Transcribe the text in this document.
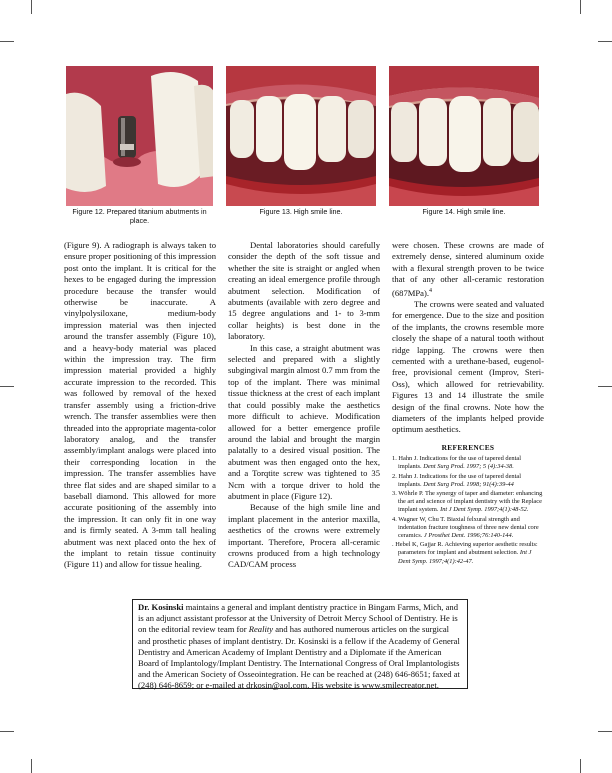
Figure 12. Prepared titanium abutments in place.
Figure 13. High smile line.	Figure 14. High smile line.

(Figure 9). A radiograph is always taken to ensure proper positioning of this impression post onto the implant. It is critical for the hexes to be engaged during the impression procedure because the transfer would otherwise be inaccurate. A vinylpolysiloxane, medium-body impression material was then injected around the transfer assembly (Figure 10), and a heavy-body material was placed within the impression tray. The firm impression material provided a highly accurate impression to the recorded. This was followed by removal of the hexed transfer assembly using a friction-drive wrench. The transfer assemblies were then threaded into the appropriate magenta-color laboratory analog, and the transfer assembly/implant analogs were placed into their corresponding location in the impression. The transfer assemblies have three flat sides and are shaped similar to a baseball diamond. This allowed for more accurate positioning of the assembly into the impression. It can only fit in one way and is firmly seated. A 3-mm tall healing abutment was next placed onto the hex of the implant to retain tissue continuity (Figure 11) and allow for tissue healing.

Dental laboratories should carefully consider the depth of the soft tissue and whether the site is straight or angled when creating an ideal emergence profile through abutment selection. Modification of abutments (available with zero degree and 15 degree angulations and 1- to 3-mm collar heights) is best done in the laboratory.

In this case, a straight abutment was selected and prepared with a slightly subgingival margin almost 0.7 mm from the top of the implant. There was minimal tissue thickness at the crest of each implant that could possibly make the aesthetics more difficult to achieve. Modification allowed for a better emergence profile around the labial and brought the margin palatally to a desired visual position. The abutment was then engaged onto the hex, and a Torqtite screw was tightened to 35 Ncm with a torque driver to hold the abutment in place (Figure 12).

Because of the high smile line and implant placement in the anterior maxilla, aesthetics of the crowns were extremely important. Therefore, Procera all-ceramic crowns produced from a high technology CAD/CAM process

were chosen. These crowns are made of extremely dense, sintered aluminum oxide with a flexural strength proven to be twice that of any other all-ceramic restoration (687MPa).$^4$

The crowns were seated and valuated for emergence. Due to the size and position of the implants, the crowns resemble more closely the shape of a natural tooth without ridge lapping. The crowns were then cemented with a urethane-based, eugenol-free, provisional cement (Improv, Steri-Oss), which allowed for retrievability. Figures 13 and 14 illustrate the smile design of the final crowns. Note how the diameters of the implants helped provide optimum aesthetics.

REFERENCES
1. Hahn J. Indications for the use of tapered dental implants. Dent Surg Prod. 1997; 5 (4):34-38.
2. Hahn J. Indications for the use of tapered dental implants. Dent Surg Prod. 1998; 91(4):39-44
3. Wöhrle P. The synergy of taper and diameter: enhancing the art and science of implant dentistry with the Replace implant system. Int J Dent Symp. 1997;4(1):48-52.
4. Wagner W, Chu T. Biaxial felxural strength and indentation fracture toughness of three new dental core ceramics. J Prosthet Dent. 1996;76:140-144.
. Hebel K, Gajjar R. Achieving superior aesthetic results: parameters for implant and abutment selection. Int J Dent Symp. 1997;4(1):42-47.
Dr. Kosinski maintains a general and implant dentistry practice in Bingam Farms, Mich, and is an adjunct assistant professor at the University of Detroit Mercy School of Dentistry. He is on the editorial review team for Reality and has authored numerous articles on the surgical and prosthetic phases of implant dentistry. Dr. Kosinski is a fellow if the Academy of General Dentistry and American Academy of Implant Dentistry and a Diplomate if the American Board of Implantology/Implant Dentistry. The International Congress of Oral Implantologists and the American Society of Osseointegration. He can be reached at (248) 646-8651; faxed at (248) 646-8659; or e-mailed at drkosin@aol.com. His website is www.smilecreator.net.
